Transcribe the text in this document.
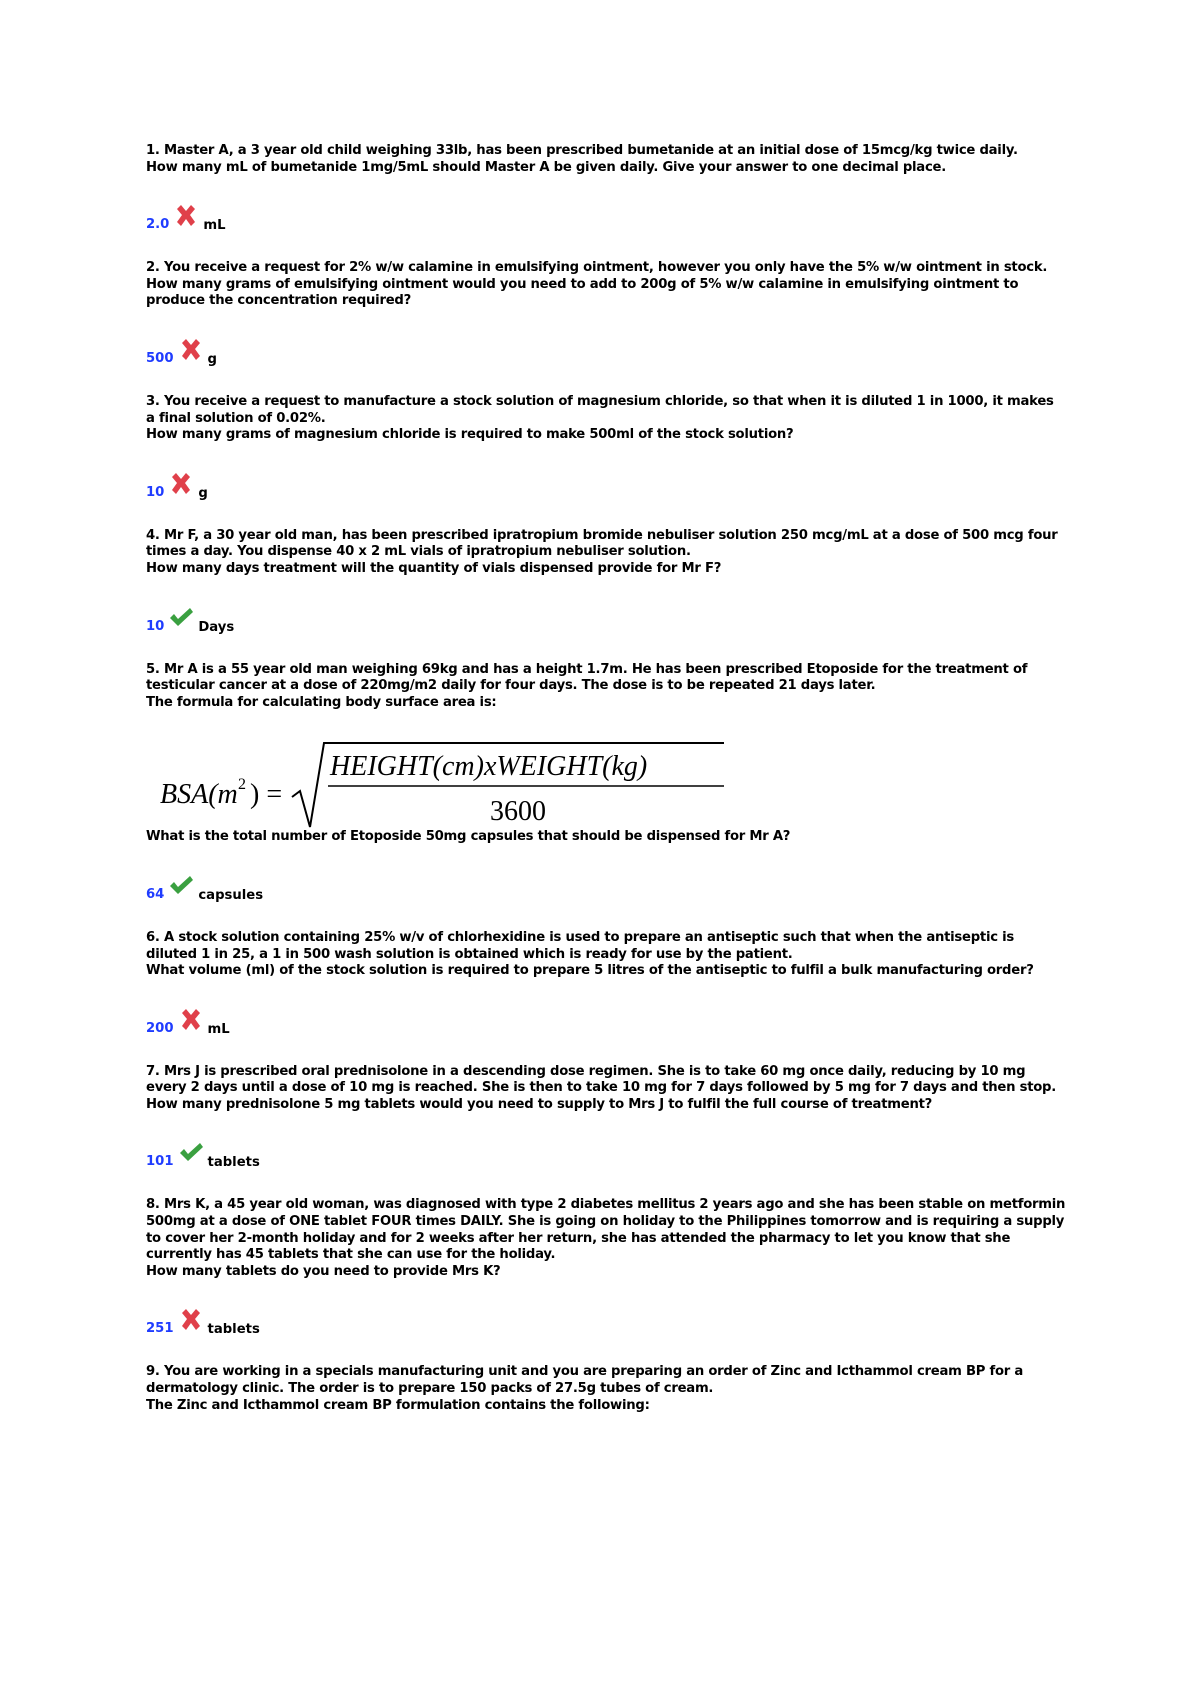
1. Master A, a 3 year old child weighing 33lb, has been prescribed bumetanide at an initial dose of 15mcg/kg twice daily.

How many mL of bumetanide 1mg/5mL should Master A be given daily. Give your answer to one decimal place.

2.0	mL

2. You receive a request for 2% w/w calamine in emulsifying ointment, however you only have the 5% w/w ointment in stock.

How many grams of emulsifying ointment would you need to add to 200g of 5% w/w calamine in emulsifying ointment to produce the concentration required?

500	g

3. You receive a request to manufacture a stock solution of magnesium chloride, so that when it is diluted 1 in 1000, it makes a final solution of 0.02%.

How many grams of magnesium chloride is required to make 500ml of the stock solution?

10	g

4. Mr F, a 30 year old man, has been prescribed ipratropium bromide nebuliser solution 250 mcg/mL at a dose of 500 mcg four times a day. You dispense 40 x 2 mL vials of ipratropium nebuliser solution.

How many days treatment will the quantity of vials dispensed provide for Mr F?

10	Days

5. Mr A is a 55 year old man weighing 69kg and has a height 1.7m. He has been prescribed Etoposide for the treatment of testicular cancer at a dose of 220mg/m2 daily for four days. The dose is to be repeated 21 days later.

The formula for calculating body surface area is:

BSA(m 2 ) =
HEIGHT(cm)xWEIGHT(kg)
3600

What is the total number of Etoposide 50mg capsules that should be dispensed for Mr A?

64	capsules

6. A stock solution containing 25% w/v of chlorhexidine is used to prepare an antiseptic such that when the antiseptic is diluted 1 in 25, a 1 in 500 wash solution is obtained which is ready for use by the patient.

What volume (ml) of the stock solution is required to prepare 5 litres of the antiseptic to fulfil a bulk manufacturing order?

200	mL

7. Mrs J is prescribed oral prednisolone in a descending dose regimen. She is to take 60 mg once daily, reducing by 10 mg every 2 days until a dose of 10 mg is reached. She is then to take 10 mg for 7 days followed by 5 mg for 7 days and then stop.

How many prednisolone 5 mg tablets would you need to supply to Mrs J to fulfil the full course of treatment?

101	tablets

8. Mrs K, a 45 year old woman, was diagnosed with type 2 diabetes mellitus 2 years ago and she has been stable on metformin 500mg at a dose of ONE tablet FOUR times DAILY. She is going on holiday to the Philippines tomorrow and is requiring a supply to cover her 2-month holiday and for 2 weeks after her return, she has attended the pharmacy to let you know that she currently has 45 tablets that she can use for the holiday.

How many tablets do you need to provide Mrs K?

251	tablets

9. You are working in a specials manufacturing unit and you are preparing an order of Zinc and Icthammol cream BP for a dermatology clinic. The order is to prepare 150 packs of 27.5g tubes of cream.

The Zinc and Icthammol cream BP formulation contains the following:
